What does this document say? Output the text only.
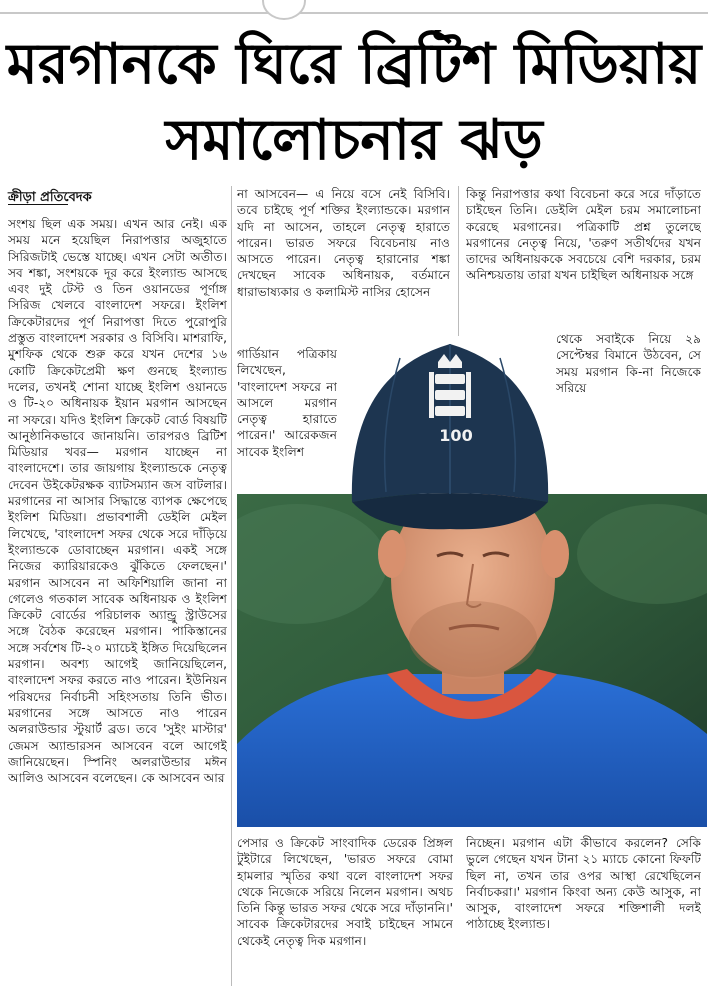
মরগানকে ঘিরে ব্রিটিশ মিডিয়ায়
সমালোচনার ঝড়
ক্রীড়া প্রতিবেদক

সংশয় ছিল এক সময়। এখন আর নেই। এক সময় মনে হয়েছিল নিরাপত্তার অজুহাতে সিরিজটাই ভেস্তে যাচ্ছে। এখন সেটা অতীত। সব শঙ্কা, সংশয়কে দূর করে ইংল্যান্ড আসছে এবং দুই টেস্ট ও তিন ওয়ানডের পূর্ণাঙ্গ সিরিজ খেলবে বাংলাদেশ সফরে। ইংলিশ ক্রিকেটারদের পূর্ণ নিরাপত্তা দিতে পুরোপুরি প্রস্তুত বাংলাদেশ সরকার ও বিসিবি। মাশরাফি, মুশফিক থেকে শুরু করে যখন দেশের ১৬ কোটি ক্রিকেটপ্রেমী ক্ষণ গুনছে ইংল্যান্ড দলের, তখনই শোনা যাচ্ছে ইংলিশ ওয়ানডে ও টি-২০ অধিনায়ক ইয়ান মরগান আসছেন না সফরে। যদিও ইংলিশ ক্রিকেট বোর্ড বিষয়টি আনুষ্ঠানিকভাবে জানায়নি। তারপরও ব্রিটিশ মিডিয়ার খবর— মরগান যাচ্ছেন না বাংলাদেশে। তার জায়গায় ইংল্যান্ডকে নেতৃত্ব দেবেন উইকেটরক্ষক ব্যাটসম্যান জস বাটলার। মরগানের না আসার সিদ্ধান্তে ব্যাপক ক্ষেপেছে ইংলিশ মিডিয়া। প্রভাবশালী ডেইলি মেইল লিখেছে, 'বাংলাদেশ সফর থেকে সরে দাঁড়িয়ে ইংল্যান্ডকে ডোবাচ্ছেন মরগান। একই সঙ্গে নিজের ক্যারিয়ারকেও ঝুঁকিতে ফেলছেন।' মরগান আসবেন না অফিশিয়ালি জানা না গেলেও গতকাল সাবেক অধিনায়ক ও ইংলিশ ক্রিকেট বোর্ডের পরিচালক অ্যান্ড্রু স্ট্রাউসের সঙ্গে বৈঠক করেছেন মরগান। পাকিস্তানের সঙ্গে সর্বশেষ টি-২০ ম্যাচেই ইঙ্গিত দিয়েছিলেন মরগান। অবশ্য আগেই জানিয়েছিলেন, বাংলাদেশ সফর করতে নাও পারেন। ইউনিয়ন পরিষদের নির্বাচনী সহিংসতায় তিনি ভীত। মরগানের সঙ্গে আসতে নাও পারেন অলরাউন্ডার স্টুয়ার্ট ব্রড। তবে 'সুইং মাস্টার' জেমস অ্যান্ডারসন আসবেন বলে আগেই জানিয়েছেন। স্পিনিং অলরাউন্ডার মঈন আলিও আসবেন বলেছেন। কে আসবেন আর

না আসবেন— এ নিয়ে বসে নেই বিসিবি। তবে চাইছে পূর্ণ শক্তির ইংল্যান্ডকে। মরগান যদি না আসেন, তাহলে নেতৃত্ব হারাতে পারেন। ভারত সফরে বিবেচনায় নাও আসতে পারেন। নেতৃত্ব হারানোর শঙ্কা দেখছেন সাবেক অধিনায়ক, বর্তমানে ধারাভাষ্যকার ও কলামিস্ট নাসির হোসেন

গার্ডিয়ান পত্রিকায় লিখেছেন, 'বাংলাদেশ সফরে না আসলে মরগান নেতৃত্ব হারাতে পারেন।' আরেকজন সাবেক ইংলিশ

কিন্তু নিরাপত্তার কথা বিবেচনা করে সরে দাঁড়াতে চাইছেন তিনি। ডেইলি মেইল চরম সমালোচনা করেছে মরগানের। পত্রিকাটি প্রশ্ন তুলেছে মরগানের নেতৃত্ব নিয়ে, 'তরুণ সতীর্থদের যখন তাদের অধিনায়ককে সবচেয়ে বেশি দরকার, চরম অনিশ্চয়তায় তারা যখন চাইছিল অধিনায়ক সঙ্গে

থেকে সবাইকে নিয়ে ২৯ সেপ্টেম্বর বিমানে উঠবেন, সে সময় মরগান কি-না নিজেকে সরিয়ে

100

পেসার ও ক্রিকেট সাংবাদিক ডেরেক প্রিঙ্গল টুইটারে লিখেছেন, 'ভারত সফরে বোমা হামলার স্মৃতির কথা বলে বাংলাদেশ সফর থেকে নিজেকে সরিয়ে নিলেন মরগান। অথচ তিনি কিন্তু ভারত সফর থেকে সরে দাঁড়াননি।' সাবেক ক্রিকেটারদের সবাই চাইছেন সামনে থেকেই নেতৃত্ব দিক মরগান।

নিচ্ছেন। মরগান এটা কীভাবে করলেন? সেকি ভুলে গেছেন যখন টানা ২১ ম্যাচে কোনো ফিফটি ছিল না, তখন তার ওপর আস্থা রেখেছিলেন নির্বাচকরা।' মরগান কিংবা অন্য কেউ আসুক, না আসুক, বাংলাদেশ সফরে শক্তিশালী দলই পাঠাচ্ছে ইংল্যান্ড।
